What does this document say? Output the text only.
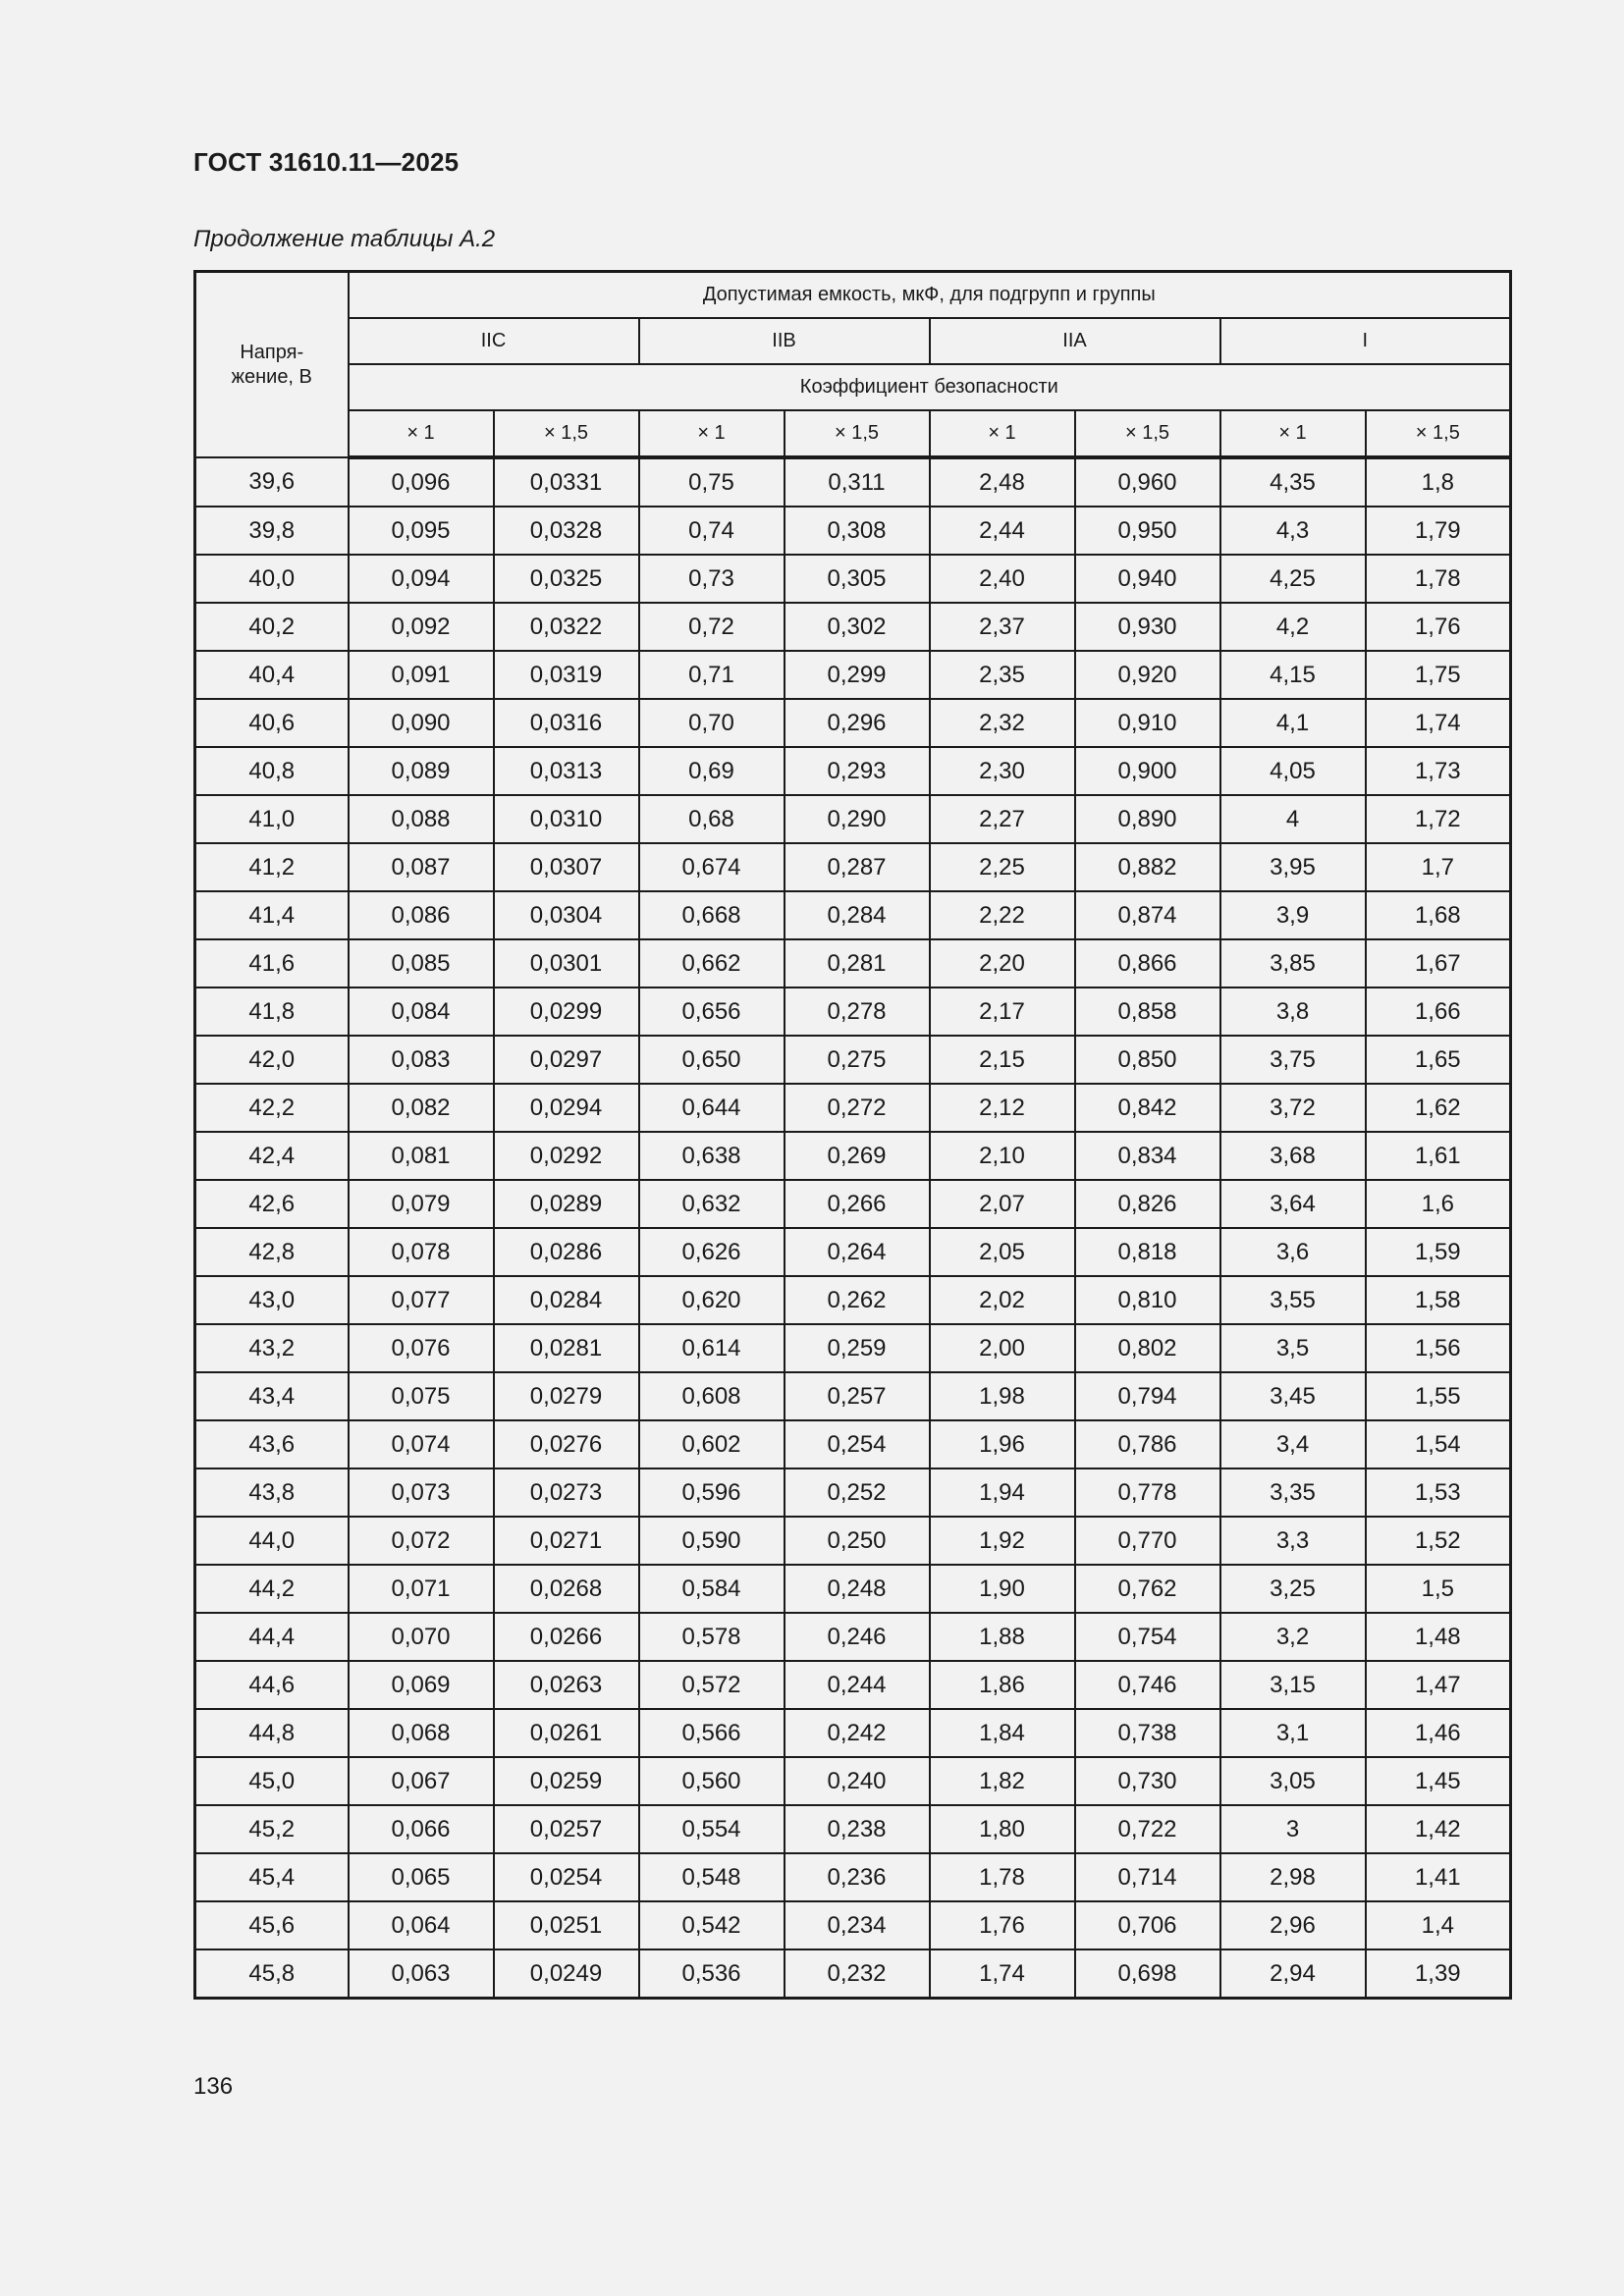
ГОСТ 31610.11—2025
Продолжение таблицы А.2
Напря-
жение, В	Допустимая емкость, мкФ, для подгрупп и группы							
	IIC		IIB		IIA		I	
	Коэффициент безопасности							
	× 1	× 1,5	× 1	× 1,5	× 1	× 1,5	× 1	× 1,5
39,6	0,096	0,0331	0,75	0,311	2,48	0,960	4,35	1,8
39,8	0,095	0,0328	0,74	0,308	2,44	0,950	4,3	1,79
40,0	0,094	0,0325	0,73	0,305	2,40	0,940	4,25	1,78
40,2	0,092	0,0322	0,72	0,302	2,37	0,930	4,2	1,76
40,4	0,091	0,0319	0,71	0,299	2,35	0,920	4,15	1,75
40,6	0,090	0,0316	0,70	0,296	2,32	0,910	4,1	1,74
40,8	0,089	0,0313	0,69	0,293	2,30	0,900	4,05	1,73
41,0	0,088	0,0310	0,68	0,290	2,27	0,890	4	1,72
41,2	0,087	0,0307	0,674	0,287	2,25	0,882	3,95	1,7
41,4	0,086	0,0304	0,668	0,284	2,22	0,874	3,9	1,68
41,6	0,085	0,0301	0,662	0,281	2,20	0,866	3,85	1,67
41,8	0,084	0,0299	0,656	0,278	2,17	0,858	3,8	1,66
42,0	0,083	0,0297	0,650	0,275	2,15	0,850	3,75	1,65
42,2	0,082	0,0294	0,644	0,272	2,12	0,842	3,72	1,62
42,4	0,081	0,0292	0,638	0,269	2,10	0,834	3,68	1,61
42,6	0,079	0,0289	0,632	0,266	2,07	0,826	3,64	1,6
42,8	0,078	0,0286	0,626	0,264	2,05	0,818	3,6	1,59
43,0	0,077	0,0284	0,620	0,262	2,02	0,810	3,55	1,58
43,2	0,076	0,0281	0,614	0,259	2,00	0,802	3,5	1,56
43,4	0,075	0,0279	0,608	0,257	1,98	0,794	3,45	1,55
43,6	0,074	0,0276	0,602	0,254	1,96	0,786	3,4	1,54
43,8	0,073	0,0273	0,596	0,252	1,94	0,778	3,35	1,53
44,0	0,072	0,0271	0,590	0,250	1,92	0,770	3,3	1,52
44,2	0,071	0,0268	0,584	0,248	1,90	0,762	3,25	1,5
44,4	0,070	0,0266	0,578	0,246	1,88	0,754	3,2	1,48
44,6	0,069	0,0263	0,572	0,244	1,86	0,746	3,15	1,47
44,8	0,068	0,0261	0,566	0,242	1,84	0,738	3,1	1,46
45,0	0,067	0,0259	0,560	0,240	1,82	0,730	3,05	1,45
45,2	0,066	0,0257	0,554	0,238	1,80	0,722	3	1,42
45,4	0,065	0,0254	0,548	0,236	1,78	0,714	2,98	1,41
45,6	0,064	0,0251	0,542	0,234	1,76	0,706	2,96	1,4
45,8	0,063	0,0249	0,536	0,232	1,74	0,698	2,94	1,39
136
